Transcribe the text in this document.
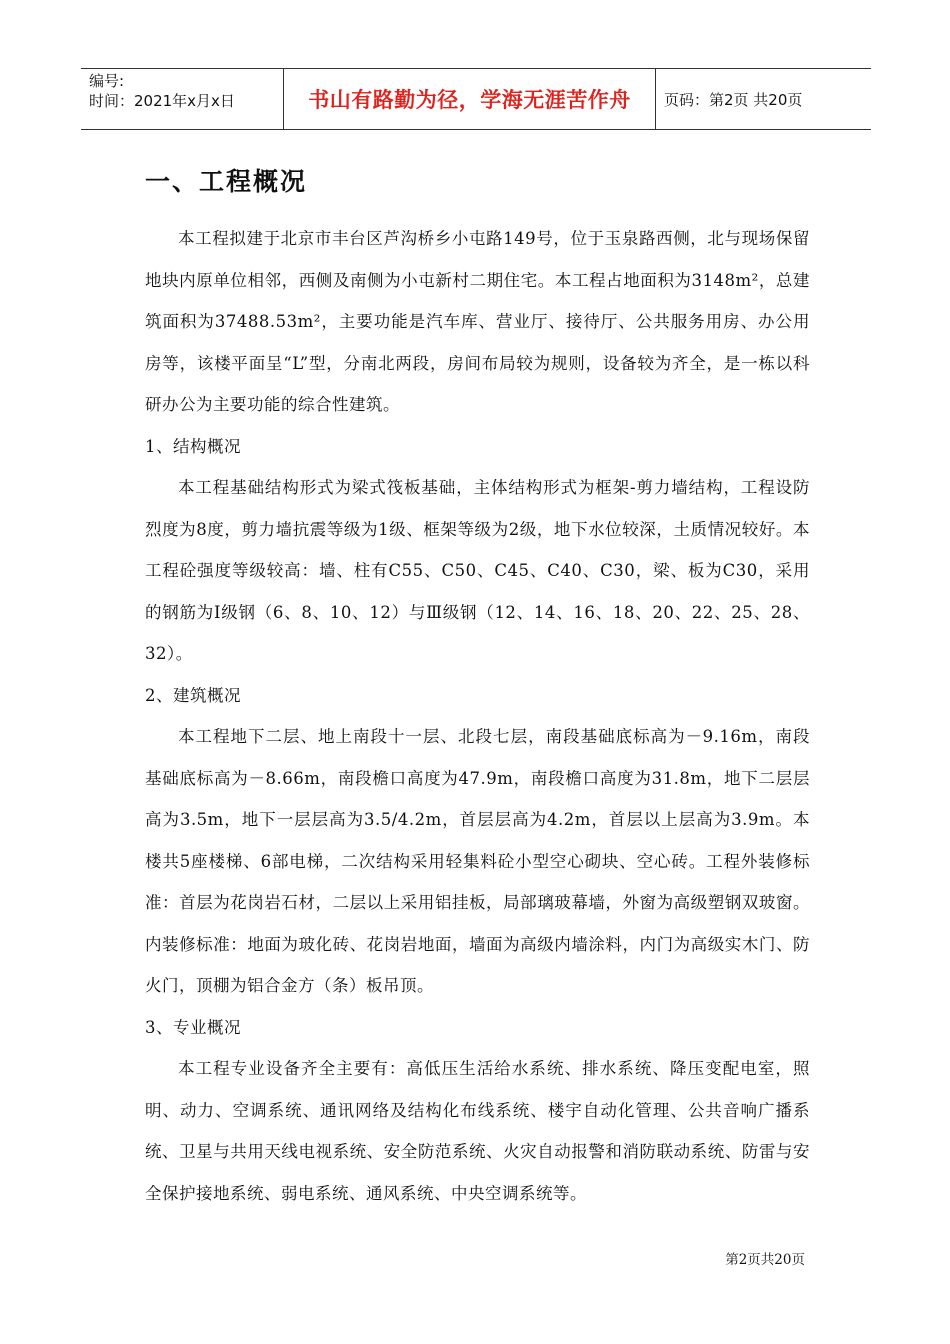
编号:
时间：2021年x月x日	书山有路勤为径，学海无涯苦作舟	页码：第2页 共20页
一、工程概况

本工程拟建于北京市丰台区芦沟桥乡小屯路149号，位于玉泉路西侧，北与现场保留地块内原单位相邻，西侧及南侧为小屯新村二期住宅。本工程占地面积为3148m²，总建筑面积为37488.53m²，主要功能是汽车库、营业厅、接待厅、公共服务用房、办公用房等，该楼平面呈“L”型，分南北两段，房间布局较为规则，设备较为齐全，是一栋以科研办公为主要功能的综合性建筑。

1、结构概况

本工程基础结构形式为梁式筏板基础，主体结构形式为框架-剪力墙结构，工程设防烈度为8度，剪力墙抗震等级为1级、框架等级为2级，地下水位较深，土质情况较好。本工程砼强度等级较高：墙、柱有C55、C50、C45、C40、C30，梁、板为C30，采用的钢筋为Ⅰ级钢（6、8、10、12）与Ⅲ级钢（12、14、16、18、20、22、25、28、32）。

2、建筑概况

本工程地下二层、地上南段十一层、北段七层，南段基础底标高为－9.16m，南段基础底标高为－8.66m，南段檐口高度为47.9m，南段檐口高度为31.8m，地下二层层高为3.5m，地下一层层高为3.5/4.2m，首层层高为4.2m，首层以上层高为3.9m。本楼共5座楼梯、6部电梯，二次结构采用轻集料砼小型空心砌块、空心砖。工程外装修标准：首层为花岗岩石材，二层以上采用铝挂板，局部璃玻幕墙，外窗为高级塑钢双玻窗。内装修标准：地面为玻化砖、花岗岩地面，墙面为高级内墙涂料，内门为高级实木门、防火门，顶棚为铝合金方（条）板吊顶。

3、专业概况

本工程专业设备齐全主要有：高低压生活给水系统、排水系统、降压变配电室，照明、动力、空调系统、通讯网络及结构化布线系统、楼宇自动化管理、公共音响广播系统、卫星与共用天线电视系统、安全防范系统、火灾自动报警和消防联动系统、防雷与安全保护接地系统、弱电系统、通风系统、中央空调系统等。

第2页共20页
